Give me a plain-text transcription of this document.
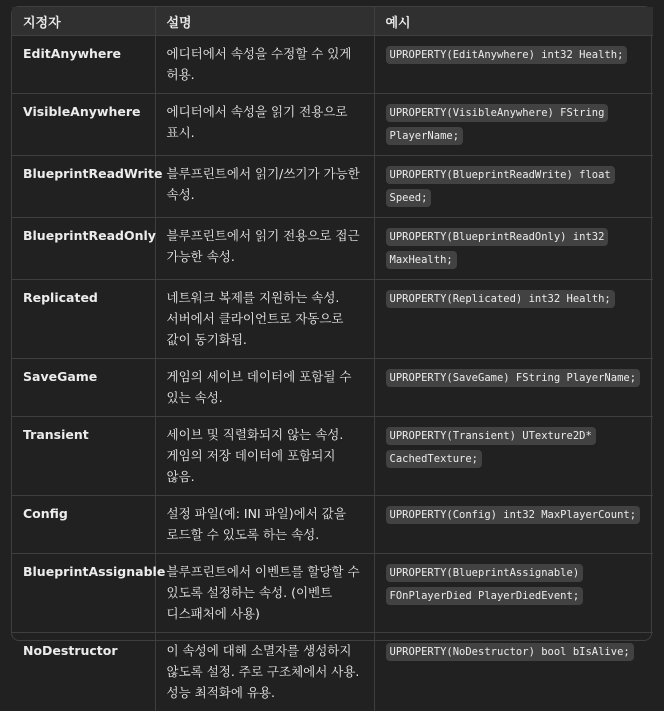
지정자	설명	예시
EditAnywhere	에디터에서 속성을 수정할 수 있게 허용.	UPROPERTY(EditAnywhere) int32 Health;
VisibleAnywhere	에디터에서 속성을 읽기 전용으로 표시.	UPROPERTY(VisibleAnywhere) FString PlayerName;
BlueprintReadWrite	블루프린트에서 읽기/쓰기가 가능한 속성.	UPROPERTY(BlueprintReadWrite) float Speed;
BlueprintReadOnly	블루프린트에서 읽기 전용으로 접근 가능한 속성.	UPROPERTY(BlueprintReadOnly) int32 MaxHealth;
Replicated	네트워크 복제를 지원하는 속성. 서버에서 클라이언트로 자동으로 값이 동기화됨.	UPROPERTY(Replicated) int32 Health;
SaveGame	게임의 세이브 데이터에 포함될 수 있는 속성.	UPROPERTY(SaveGame) FString PlayerName;
Transient	세이브 및 직렬화되지 않는 속성. 게임의 저장 데이터에 포함되지 않음.	UPROPERTY(Transient) UTexture2D* CachedTexture;
Config	설정 파일(예: INI 파일)에서 값을 로드할 수 있도록 하는 속성.	UPROPERTY(Config) int32 MaxPlayerCount;
BlueprintAssignable	블루프린트에서 이벤트를 할당할 수 있도록 설정하는 속성. (이벤트 디스패처에 사용)	UPROPERTY(BlueprintAssignable) FOnPlayerDied PlayerDiedEvent;
NoDestructor	이 속성에 대해 소멸자를 생성하지 않도록 설정. 주로 구조체에서 사용. 성능 최적화에 유용.	UPROPERTY(NoDestructor) bool bIsAlive;
